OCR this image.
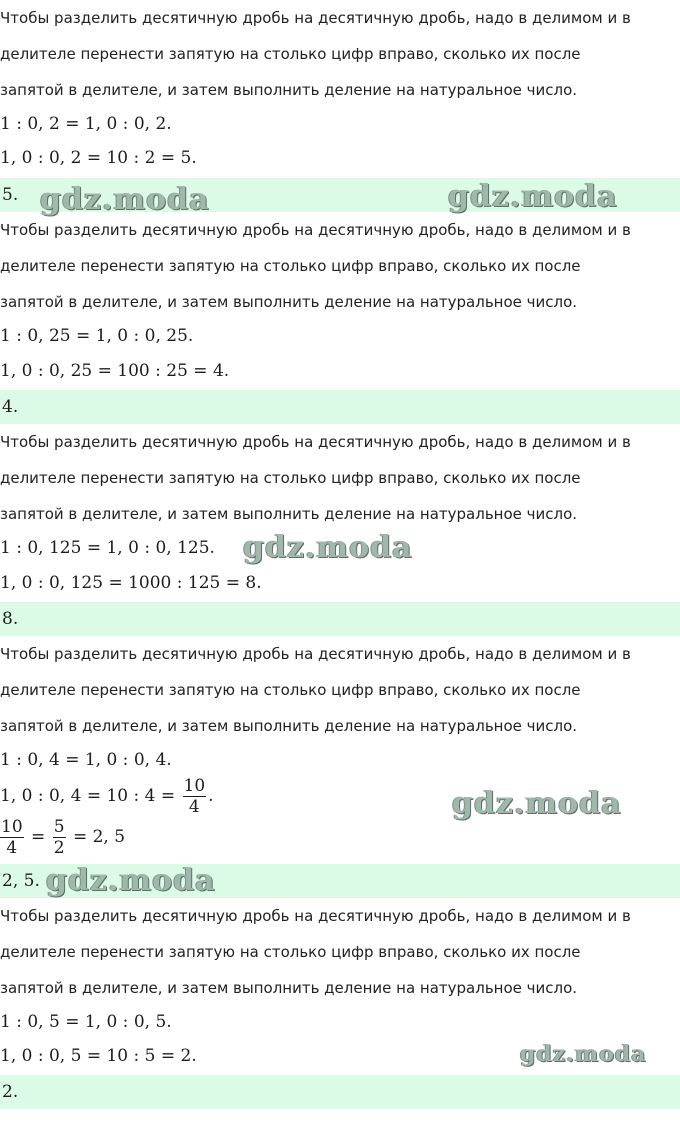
Чтобы разделить десятичную дробь на десятичную дробь, надо в делимом и в
делителе перенести запятую на столько цифр вправо, сколько их после
запятой в делителе, и затем выполнить деление на натуральное число.
1 : 0, 2 = 1, 0 : 0, 2.
1, 0 : 0, 2 = 10 : 2 = 5.
5. gdz.moda	gdz.moda
Чтобы разделить десятичную дробь на десятичную дробь, надо в делимом и в
делителе перенести запятую на столько цифр вправо, сколько их после
запятой в делителе, и затем выполнить деление на натуральное число.
1 : 0, 25 = 1, 0 : 0, 25.
1, 0 : 0, 25 = 100 : 25 = 4.
4.
Чтобы разделить десятичную дробь на десятичную дробь, надо в делимом и в
делителе перенести запятую на столько цифр вправо, сколько их после
запятой в делителе, и затем выполнить деление на натуральное число.
1 : 0, 125 = 1, 0 : 0, 125. gdz.moda
1, 0 : 0, 125 = 1000 : 125 = 8.
8.
Чтобы разделить десятичную дробь на десятичную дробь, надо в делимом и в
делителе перенести запятую на столько цифр вправо, сколько их после
запятой в делителе, и затем выполнить деление на натуральное число.
1 : 0, 4 = 1, 0 : 0, 4.
1, 0 : 0, 4 = 10 : $4 = \frac{10}{4}$ .	gdz.moda
$\frac{10}{4} = \frac{5}{2} = 2$, 5
2, 5. gdz.moda
Чтобы разделить десятичную дробь на десятичную дробь, надо в делимом и в
делителе перенести запятую на столько цифр вправо, сколько их после
запятой в делителе, и затем выполнить деление на натуральное число.
1 : 0, 5 = 1, 0 : 0, 5.
1, 0 : 0, 5 = 10 : 5 = 2.	gdz.moda
2.
